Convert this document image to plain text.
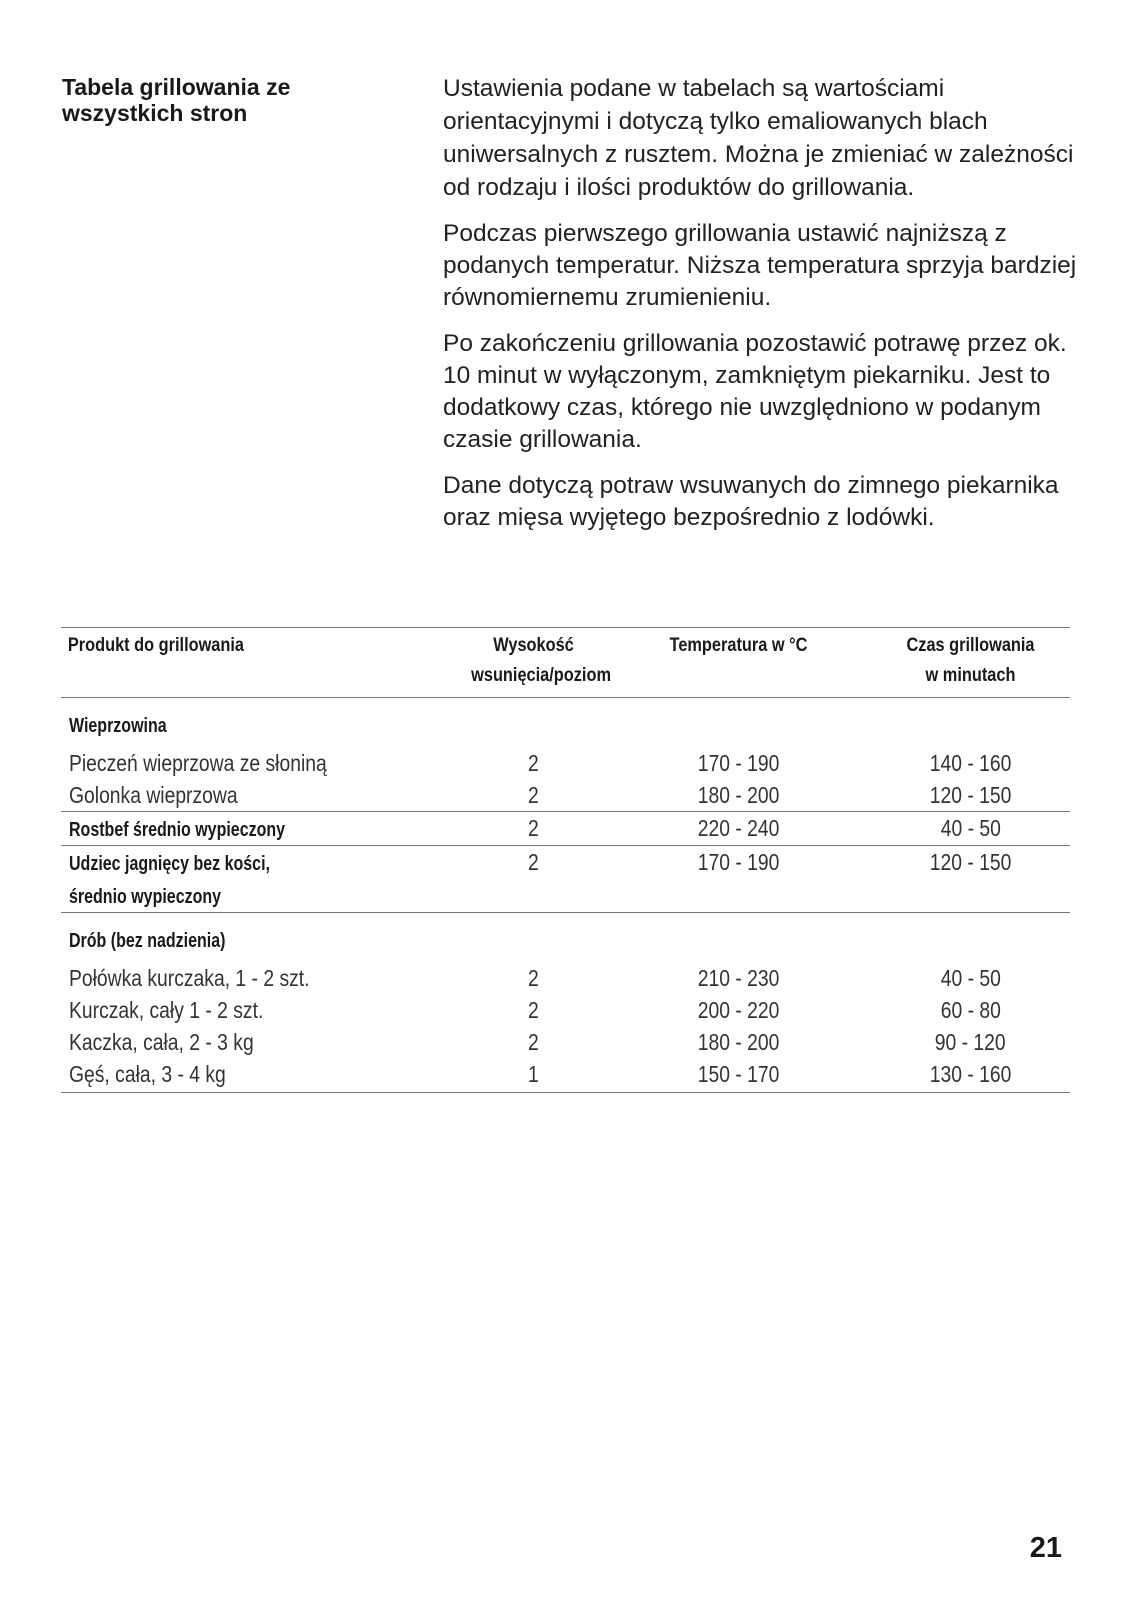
Tabela grillowania ze
wszystkich stron

Ustawienia podane w tabelach są wartościami orientacyjnymi i dotyczą tylko emaliowanych blach uniwersalnych z rusztem. Można je zmieniać w zależności od rodzaju i ilości produktów do grillowania.

Podczas pierwszego grillowania ustawić najniższą z podanych temperatur. Niższa temperatura sprzyja bardziej równomiernemu zrumienieniu.

Po zakończeniu grillowania pozostawić potrawę przez ok. 10 minut w wyłączonym, zamkniętym piekarniku. Jest to dodatkowy czas, którego nie uwzględniono w podanym czasie grillowania.

Dane dotyczą potraw wsuwanych do zimnego piekarnika oraz mięsa wyjętego bezpośrednio z lodówki.

Produkt do grillowania	Wysokość
wsunięcia/poziom	Temperatura w °C	Czas grillowania
w minutach
Wieprzowina			
Pieczeń wieprzowa ze słoniną	2	170 - 190	140 - 160
Golonka wieprzowa	2	180 - 200	120 - 150
Rostbef średnio wypieczony	2	220 - 240	40 - 50
Udziec jagnięcy bez kości,
średnio wypieczony	2	170 - 190	120 - 150
Drób (bez nadzienia)			
Połówka kurczaka, 1 - 2 szt.	2	210 - 230	40 - 50
Kurczak, cały 1 - 2 szt.	2	200 - 220	60 - 80
Kaczka, cała, 2 - 3 kg	2	180 - 200	90 - 120
Gęś, cała, 3 - 4 kg	1	150 - 170	130 - 160

21
